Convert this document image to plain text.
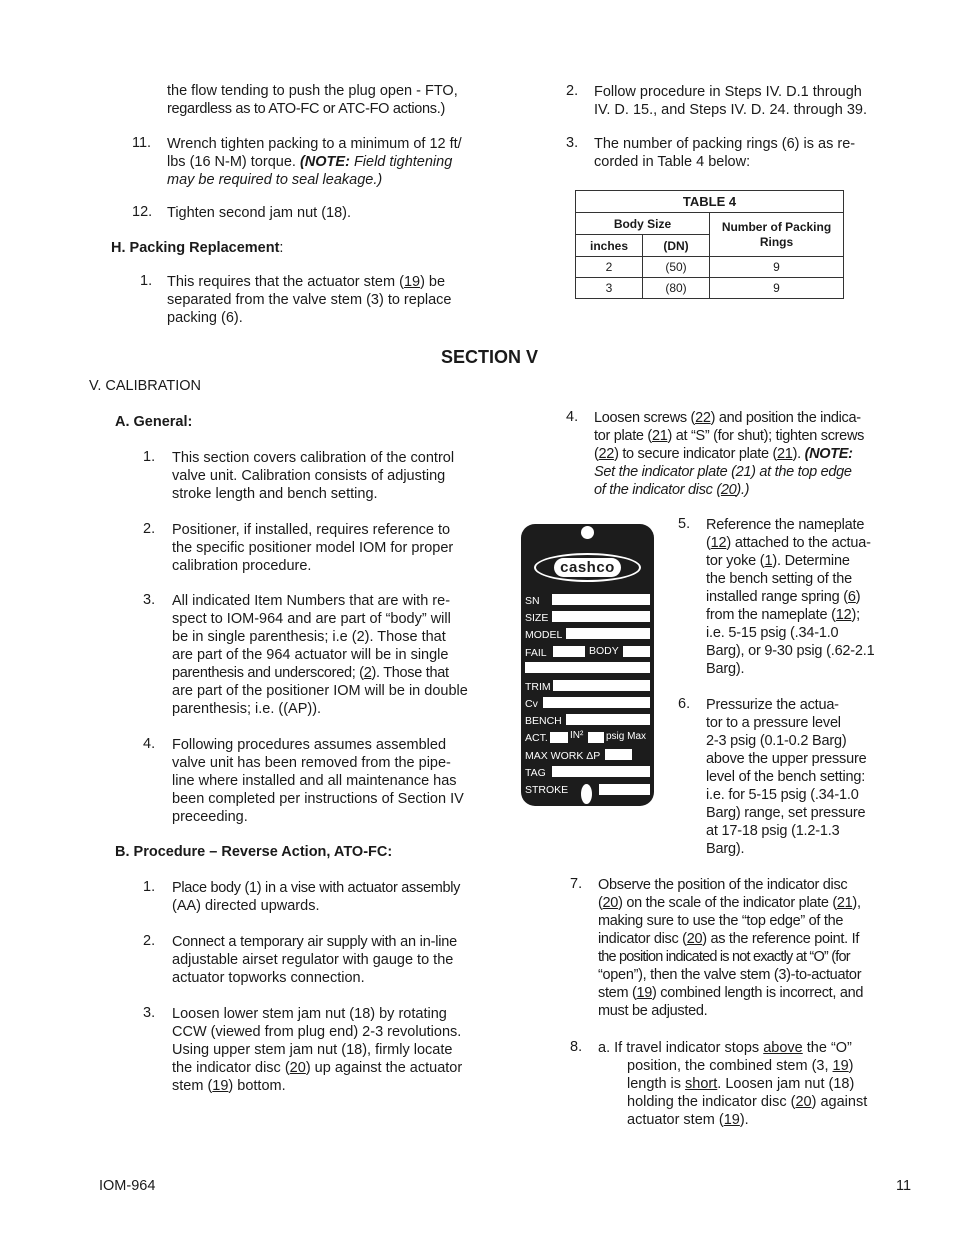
the flow tending to push the plug open - FTO,
regardless as to ATO-FC or ATC-FO actions.)
11. Wrench tighten packing to a minimum of 12 ft/
lbs (16 N-M) torque. (NOTE: Field tightening
may be required to seal leakage.)
12. Tighten second jam nut (18).
H. Packing Replacement:
1. This requires that the actuator stem (19) be
separated from the valve stem (3) to replace
packing (6).
2. Follow procedure in Steps IV. D.1 through
IV. D. 15., and Steps IV. D. 24. through 39.
3. The number of packing rings (6) is as re-
corded in Table 4 below:
TABLE 4		
Body Size		Number of Packing Rings
inches	(DN)	
2	(50)	9
3	(80)	9
SECTION V
V. CALIBRATION
A. General:
1. This section covers calibration of the control
valve unit. Calibration consists of adjusting
stroke length and bench setting.
2. Positioner, if installed, requires reference to
the specific positioner model IOM for proper
calibration procedure.
3. All indicated Item Numbers that are with re-
spect to IOM-964 and are part of “body” will
be in single parenthesis; i.e (2). Those that
are part of the 964 actuator will be in single
parenthesis and underscored; (2). Those that
are part of the positioner IOM will be in double
parenthesis; i.e. ((AP)).
4. Following procedures assumes assembled
valve unit has been removed from the pipe-
line where installed and all maintenance has
been completed per instructions of Section IV
preceeding.
B. Procedure – Reverse Action, ATO-FC:
1. Place body (1) in a vise with actuator assembly
(AA) directed upwards.
2. Connect a temporary air supply with an in-line
adjustable airset regulator with gauge to the
actuator topworks connection.
3. Loosen lower stem jam nut (18) by rotating
CCW (viewed from plug end) 2-3 revolutions.
Using upper stem jam nut (18), firmly locate
the indicator disc (20) up against the actuator
stem (19) bottom.
4. Loosen screws (22) and position the indica-
tor plate (21) at “S” (for shut); tighten screws
(22) to secure indicator plate (21). (NOTE:
Set the indicator plate (21) at the top edge
of the indicator disc (20).)
cashco
SN
SIZE
MODEL
FAIL	BODY
TRIM
Cv
BENCH
ACT. IN² psig Max
MAX WORK ΔP
TAG
STROKE
5. Reference the nameplate
(12) attached to the actua-
tor yoke (1). Determine
the bench setting of the
installed range spring (6)
from the nameplate (12);
i.e. 5-15 psig (.34-1.0
Barg), or 9-30 psig (.62-2.1
Barg).
6. Pressurize the actua-
tor to a pressure level
2-3 psig (0.1-0.2 Barg)
above the upper pressure
level of the bench setting:
i.e. for 5-15 psig (.34-1.0
Barg) range, set pressure
at 17-18 psig (1.2-1.3
Barg).
7. Observe the position of the indicator disc
(20) on the scale of the indicator plate (21),
making sure to use the “top edge” of the
indicator disc (20) as the reference point. If
the position indicated is not exactly at “O” (for
“open”), then the valve stem (3)-to-actuator
stem (19) combined length is incorrect, and
must be adjusted.
8. a. If travel indicator stops above the “O”
position, the combined stem (3, 19)
length is short. Loosen jam nut (18)
holding the indicator disc (20) against
actuator stem (19).
IOM-964	11
